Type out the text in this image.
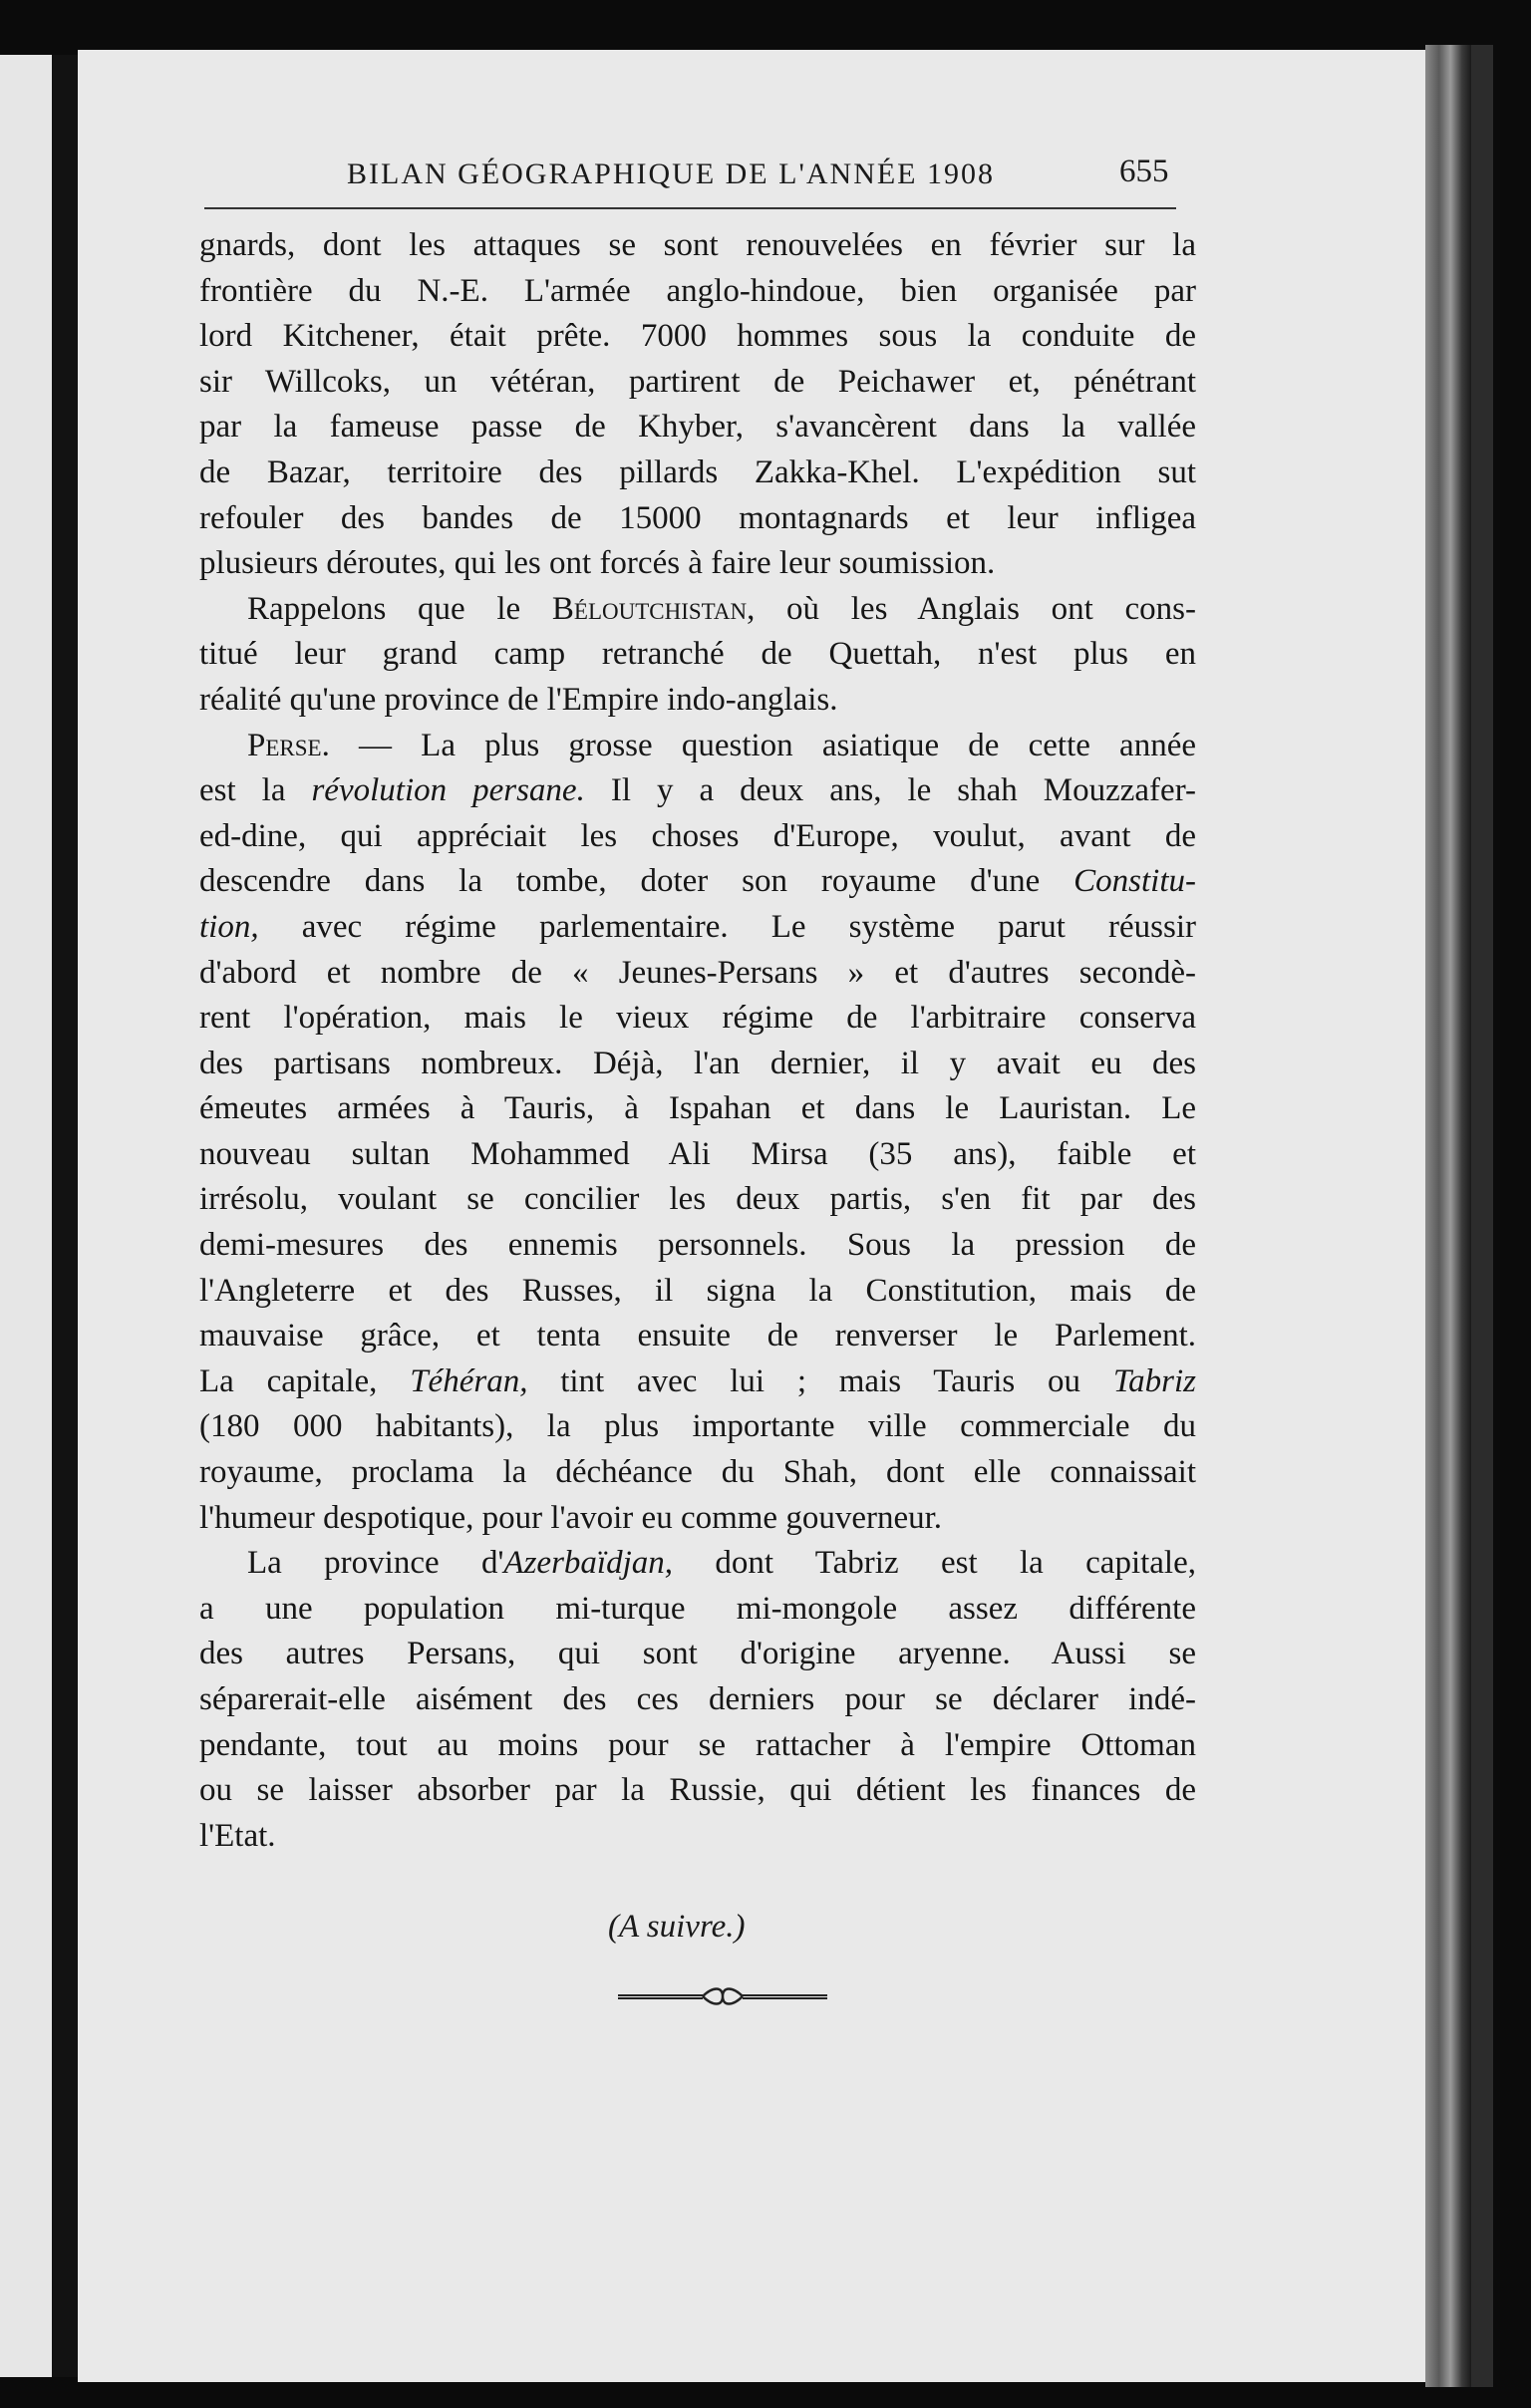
BILAN GÉOGRAPHIQUE DE L'ANNÉE 1908	655

gnards, dont les attaques se sont renouvelées en février sur la
frontière du N.-E. L'armée anglo-hindoue, bien organisée par
lord Kitchener, était prête. 7000 hommes sous la conduite de
sir Willcoks, un vétéran, partirent de Peichawer et, pénétrant
par la fameuse passe de Khyber, s'avancèrent dans la vallée
de Bazar, territoire des pillards Zakka-Khel. L'expédition sut
refouler des bandes de 15000 montagnards et leur infligea
plusieurs déroutes, qui les ont forcés à faire leur soumission.

Rappelons que le Béloutchistan, où les Anglais ont cons-
titué leur grand camp retranché de Quettah, n'est plus en
réalité qu'une province de l'Empire indo-anglais.

Perse. — La plus grosse question asiatique de cette année
est la révolution persane. Il y a deux ans, le shah Mouzzafer-
ed-dine, qui appréciait les choses d'Europe, voulut, avant de
descendre dans la tombe, doter son royaume d'une Constitu-
tion, avec régime parlementaire. Le système parut réussir
d'abord et nombre de « Jeunes-Persans » et d'autres secondè-
rent l'opération, mais le vieux régime de l'arbitraire conserva
des partisans nombreux. Déjà, l'an dernier, il y avait eu des
émeutes armées à Tauris, à Ispahan et dans le Lauristan. Le
nouveau sultan Mohammed Ali Mirsa (35 ans), faible et
irrésolu, voulant se concilier les deux partis, s'en fit par des
demi-mesures des ennemis personnels. Sous la pression de
l'Angleterre et des Russes, il signa la Constitution, mais de
mauvaise grâce, et tenta ensuite de renverser le Parlement.
La capitale, Téhéran, tint avec lui ; mais Tauris ou Tabriz
(180 000 habitants), la plus importante ville commerciale du
royaume, proclama la déchéance du Shah, dont elle connaissait
l'humeur despotique, pour l'avoir eu comme gouverneur.

La province d'Azerbaïdjan, dont Tabriz est la capitale,
a une population mi-turque mi-mongole assez différente
des autres Persans, qui sont d'origine aryenne. Aussi se
séparerait-elle aisément des ces derniers pour se déclarer indé-
pendante, tout au moins pour se rattacher à l'empire Ottoman
ou se laisser absorber par la Russie, qui détient les finances de
l'Etat.

(A suivre.)
